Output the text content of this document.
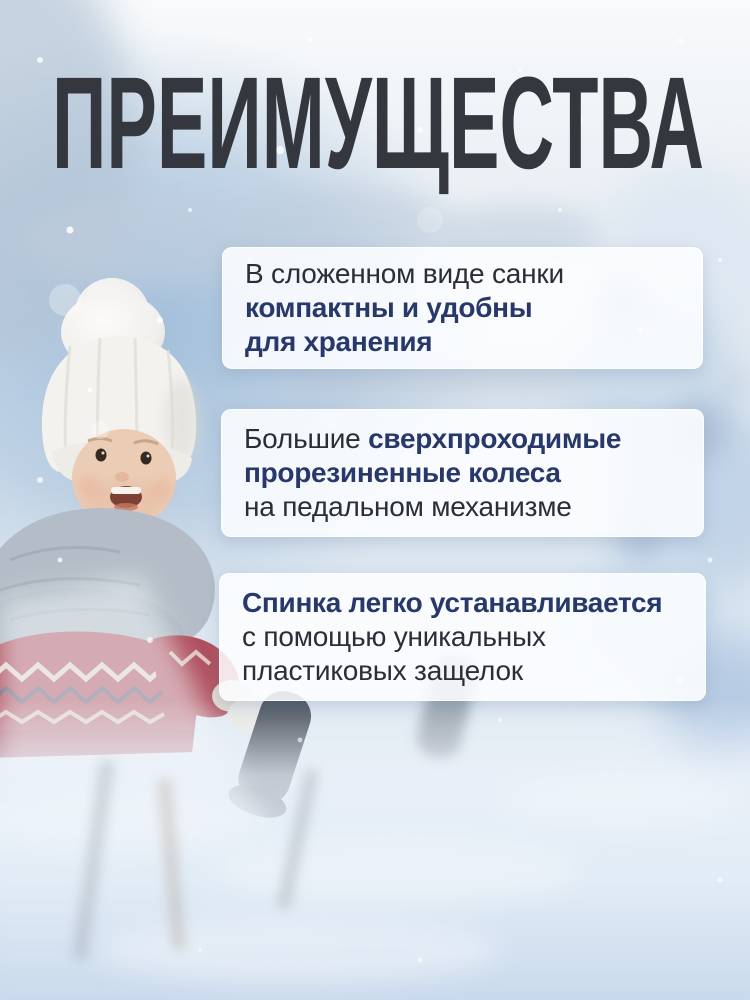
ПРЕИМУЩЕСТВА
В сложенном виде санки
компактны и удобны
для хранения
Большие сверхпроходимые
прорезиненные колеса
на педальном механизме
Спинка легко устанавливается
с помощью уникальных
пластиковых защелок
